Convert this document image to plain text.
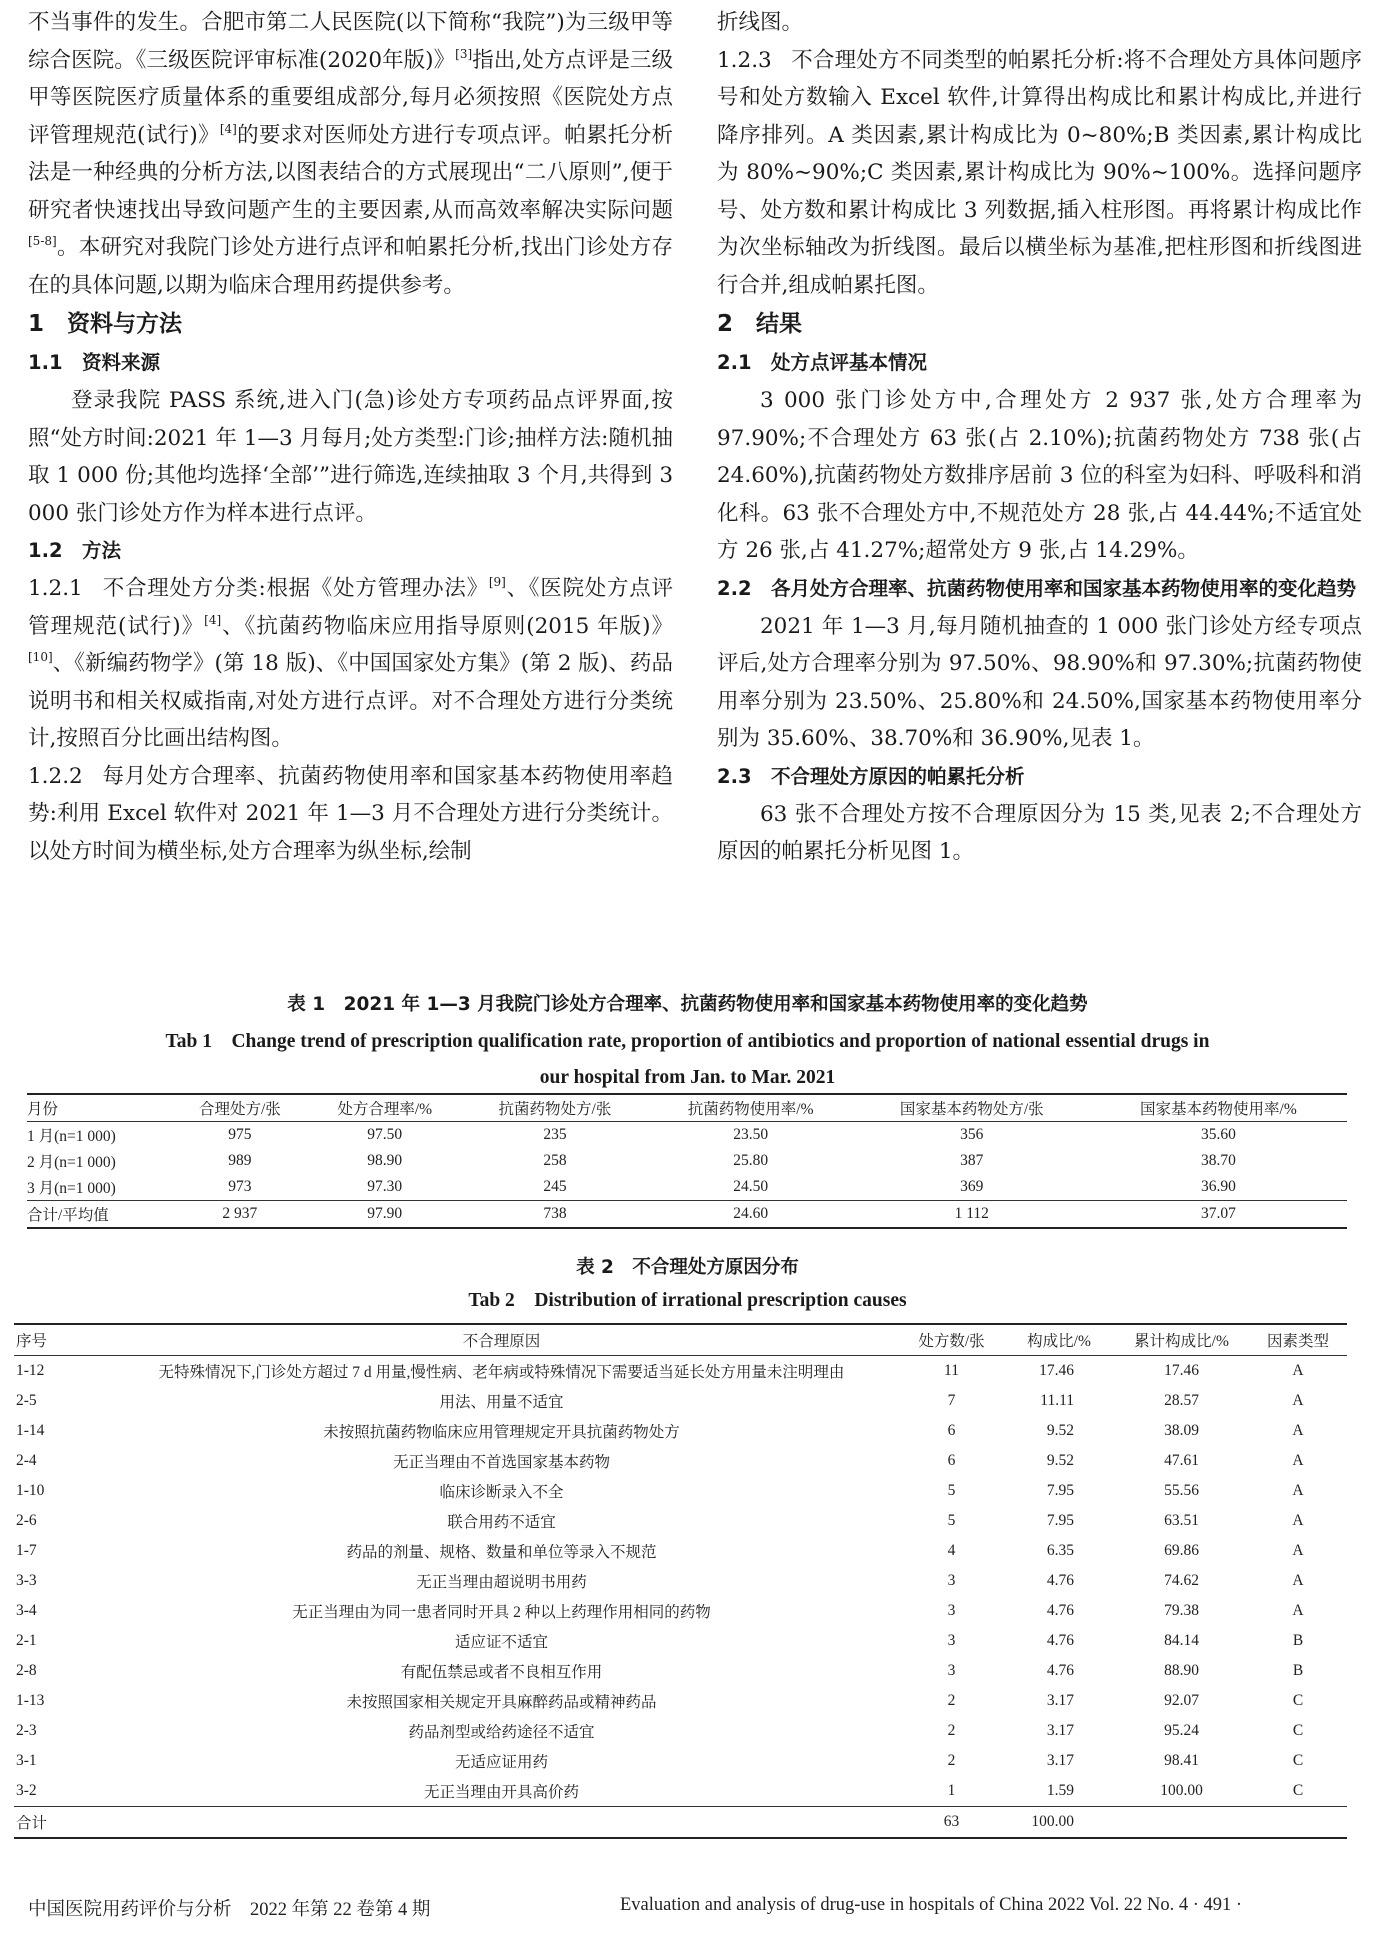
不当事件的发生。合肥市第二人民医院(以下简称“我院”)为三级甲等综合医院。《三级医院评审标准(2020年版)》[3]指出,处方点评是三级甲等医院医疗质量体系的重要组成部分,每月必须按照《医院处方点评管理规范(试行)》[4]的要求对医师处方进行专项点评。帕累托分析法是一种经典的分析方法,以图表结合的方式展现出“二八原则”,便于研究者快速找出导致问题产生的主要因素,从而高效率解决实际问题[5-8]。本研究对我院门诊处方进行点评和帕累托分析,找出门诊处方存在的具体问题,以期为临床合理用药提供参考。

1 资料与方法
1.1 资料来源

登录我院 PASS 系统,进入门(急)诊处方专项药品点评界面,按照“处方时间:2021 年 1—3 月每月;处方类型:门诊;抽样方法:随机抽取 1 000 份;其他均选择‘全部’”进行筛选,连续抽取 3 个月,共得到 3 000 张门诊处方作为样本进行点评。

1.2 方法

1.2.1 不合理处方分类:根据《处方管理办法》[9]、《医院处方点评管理规范(试行)》[4]、《抗菌药物临床应用指导原则(2015 年版)》[10]、《新编药物学》(第 18 版)、《中国国家处方集》(第 2 版)、药品说明书和相关权威指南,对处方进行点评。对不合理处方进行分类统计,按照百分比画出结构图。

1.2.2 每月处方合理率、抗菌药物使用率和国家基本药物使用率趋势:利用 Excel 软件对 2021 年 1—3 月不合理处方进行分类统计。以处方时间为横坐标,处方合理率为纵坐标,绘制

折线图。

1.2.3 不合理处方不同类型的帕累托分析:将不合理处方具体问题序号和处方数输入 Excel 软件,计算得出构成比和累计构成比,并进行降序排列。A 类因素,累计构成比为 0~80%;B 类因素,累计构成比为 80%~90%;C 类因素,累计构成比为 90%~100%。选择问题序号、处方数和累计构成比 3 列数据,插入柱形图。再将累计构成比作为次坐标轴改为折线图。最后以横坐标为基准,把柱形图和折线图进行合并,组成帕累托图。

2 结果
2.1 处方点评基本情况

3 000 张门诊处方中,合理处方 2 937 张,处方合理率为 97.90%;不合理处方 63 张(占 2.10%);抗菌药物处方 738 张(占 24.60%),抗菌药物处方数排序居前 3 位的科室为妇科、呼吸科和消化科。63 张不合理处方中,不规范处方 28 张,占 44.44%;不适宜处方 26 张,占 41.27%;超常处方 9 张,占 14.29%。

2.2 各月处方合理率、抗菌药物使用率和国家基本药物使用率的变化趋势

2021 年 1—3 月,每月随机抽查的 1 000 张门诊处方经专项点评后,处方合理率分别为 97.50%、98.90%和 97.30%;抗菌药物使用率分别为 23.50%、25.80%和 24.50%,国家基本药物使用率分别为 35.60%、38.70%和 36.90%,见表 1。

2.3 不合理处方原因的帕累托分析

63 张不合理处方按不合理原因分为 15 类,见表 2;不合理处方原因的帕累托分析见图 1。

表 1 2021 年 1—3 月我院门诊处方合理率、抗菌药物使用率和国家基本药物使用率的变化趋势
Tab 1 Change trend of prescription qualification rate, proportion of antibiotics and proportion of national essential drugs in our hospital from Jan. to Mar. 2021
月份	合理处方/张	处方合理率/%	抗菌药物处方/张	抗菌药物使用率/%	国家基本药物处方/张	国家基本药物使用率/%
1 月(n=1 000)	975	97.50	235	23.50	356	35.60
2 月(n=1 000)	989	98.90	258	25.80	387	38.70
3 月(n=1 000)	973	97.30	245	24.50	369	36.90
合计/平均值	2 937	97.90	738	24.60	1 112	37.07
表 2 不合理处方原因分布
Tab 2 Distribution of irrational prescription causes
序号	不合理原因	处方数/张	构成比/%	累计构成比/%	因素类型
1-12	无特殊情况下,门诊处方超过 7 d 用量,慢性病、老年病或特殊情况下需要适当延长处方用量未注明理由	11	17.46	17.46	A
2-5	用法、用量不适宜	7	11.11	28.57	A
1-14	未按照抗菌药物临床应用管理规定开具抗菌药物处方	6	9.52	38.09	A
2-4	无正当理由不首选国家基本药物	6	9.52	47.61	A
1-10	临床诊断录入不全	5	7.95	55.56	A
2-6	联合用药不适宜	5	7.95	63.51	A
1-7	药品的剂量、规格、数量和单位等录入不规范	4	6.35	69.86	A
3-3	无正当理由超说明书用药	3	4.76	74.62	A
3-4	无正当理由为同一患者同时开具 2 种以上药理作用相同的药物	3	4.76	79.38	A
2-1	适应证不适宜	3	4.76	84.14	B
2-8	有配伍禁忌或者不良相互作用	3	4.76	88.90	B
1-13	未按照国家相关规定开具麻醉药品或精神药品	2	3.17	92.07	C
2-3	药品剂型或给药途径不适宜	2	3.17	95.24	C
3-1	无适应证用药	2	3.17	98.41	C
3-2	无正当理由开具高价药	1	1.59	100.00	C
合计		63	100.00		
中国医院用药评价与分析　2022 年第 22 卷第 4 期	Evaluation and analysis of drug-use in hospitals of China 2022 Vol. 22 No. 4 · 491 ·
